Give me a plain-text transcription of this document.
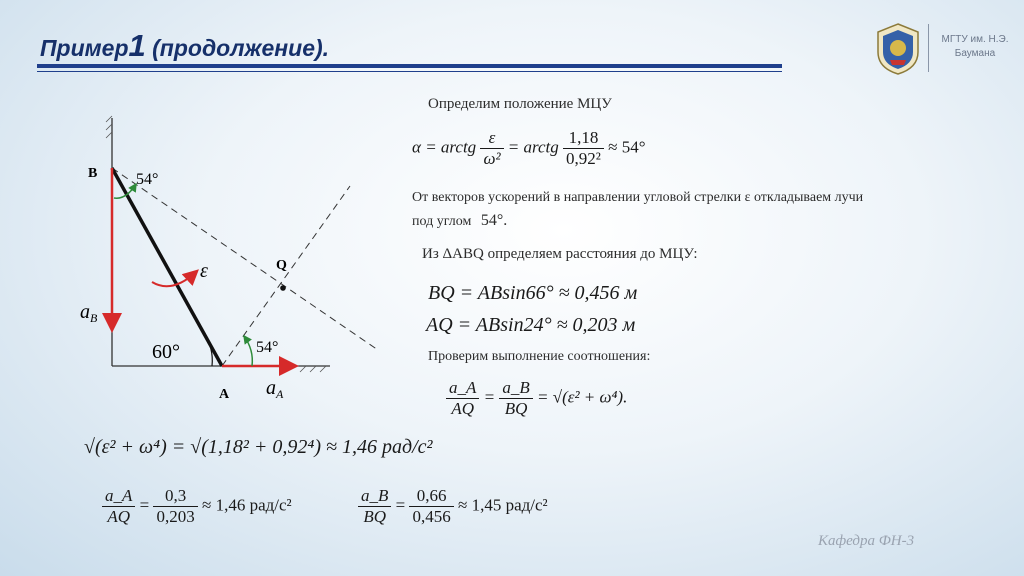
Пример1 (продолжение).	МГТУ им. Н.Э.
Баумана
B
A
Q
54°
60°	54°
ε
$a_B$
$a_A$
Определим положение МЦУ
α = arctg $\frac{\varepsilon}{\text{ω²}}$ = arctg $\frac{1,18}{\text{0,92²}} \approx 54^\circ$
От векторов ускорений в направлении угловой стрелки ε откладываем лучи
под углом 54°.
Из ΔABQ определяем расстояния до МЦУ:
BQ = ABsin66° ≈ 0,456 м
AQ = ABsin24° ≈ 0,203 м
Проверим выполнение соотношения:
$\frac{a\_A}{AQ} = \frac{a\_B}{BQ} = √(\varepsilon^2 + \omega^4)$.
√(ε² + ω⁴) = √(1,18² + 0,92⁴) ≈ 1,46 рад/с²
$\frac{a\_A}{AQ} = \frac{0,3}{0,203} \approx 1,46$ рад/с²	$\frac{a\_B}{BQ} = \frac{0,66}{0,456} \approx 1,45$ рад/с²
Кафедра ФН-3
